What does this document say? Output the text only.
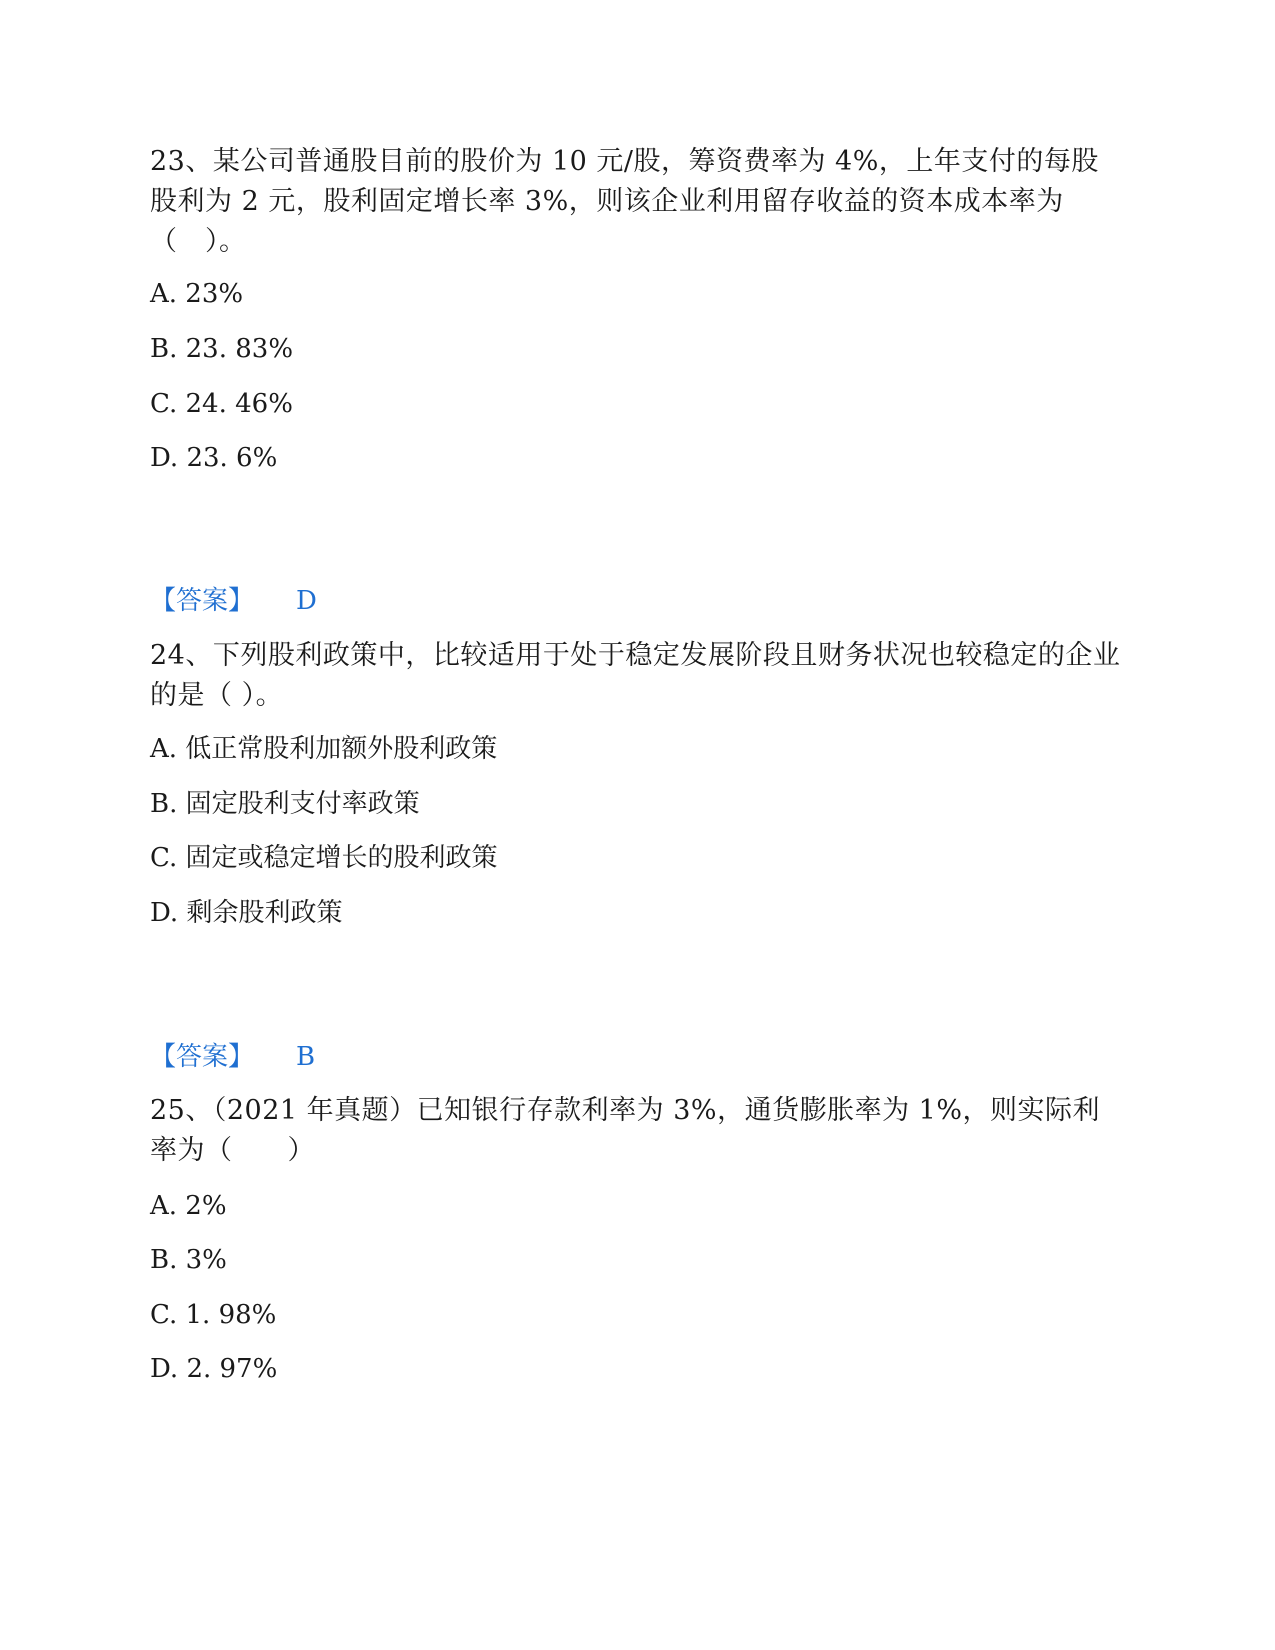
23、某公司普通股目前的股价为 10 元/股，筹资费率为 4%，上年支付的每股股利为 2 元，股利固定增长率 3%，则该企业利用留存收益的资本成本率为（　）。

A. 23%

B. 23. 83%

C. 24. 46%

D. 23. 6%

【答案】 D

24、下列股利政策中，比较适用于处于稳定发展阶段且财务状况也较稳定的企业的是（ ）。

A. 低正常股利加额外股利政策

B. 固定股利支付率政策

C. 固定或稳定增长的股利政策

D. 剩余股利政策

【答案】 B

25、（2021 年真题）已知银行存款利率为 3%，通货膨胀率为 1%，则实际利率为（　　）

A. 2%

B. 3%

C. 1. 98%

D. 2. 97%
